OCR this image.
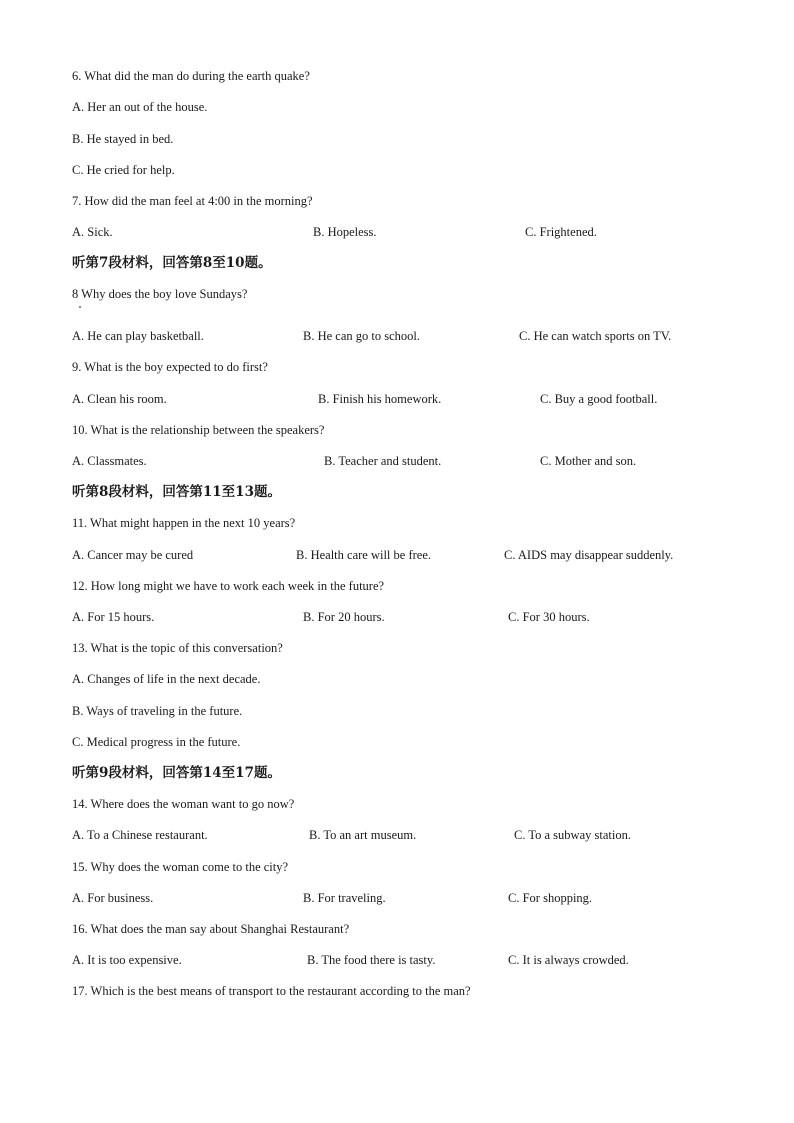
6. What did the man do during the earth quake?
A. Her an out of the house.
B. He stayed in bed.
C. He cried for help.
7. How did the man feel at 4:00 in the morning?
A. Sick.	B. Hopeless.	C. Frightened.
听第7段材料，回答第8至10题。
8 Why does the boy love Sundays?
A. He can play basketball.	B. He can go to school.	C. He can watch sports on TV.
9. What is the boy expected to do first?
A. Clean his room.	B. Finish his homework.	C. Buy a good football.
10. What is the relationship between the speakers?
A. Classmates.	B. Teacher and student.	C. Mother and son.
听第8段材料，回答第11至13题。
11. What might happen in the next 10 years?
A. Cancer may be cured	B. Health care will be free.	C. AIDS may disappear suddenly.
12. How long might we have to work each week in the future?
A. For 15 hours.	B. For 20 hours.	C. For 30 hours.
13. What is the topic of this conversation?
A. Changes of life in the next decade.
B. Ways of traveling in the future.
C. Medical progress in the future.
听第9段材料，回答第14至17题。
14. Where does the woman want to go now?
A. To a Chinese restaurant.	B. To an art museum.	C. To a subway station.
15. Why does the woman come to the city?
A. For business.	B. For traveling.	C. For shopping.
16. What does the man say about Shanghai Restaurant?
A. It is too expensive.	B. The food there is tasty.	C. It is always crowded.
17. Which is the best means of transport to the restaurant according to the man?
